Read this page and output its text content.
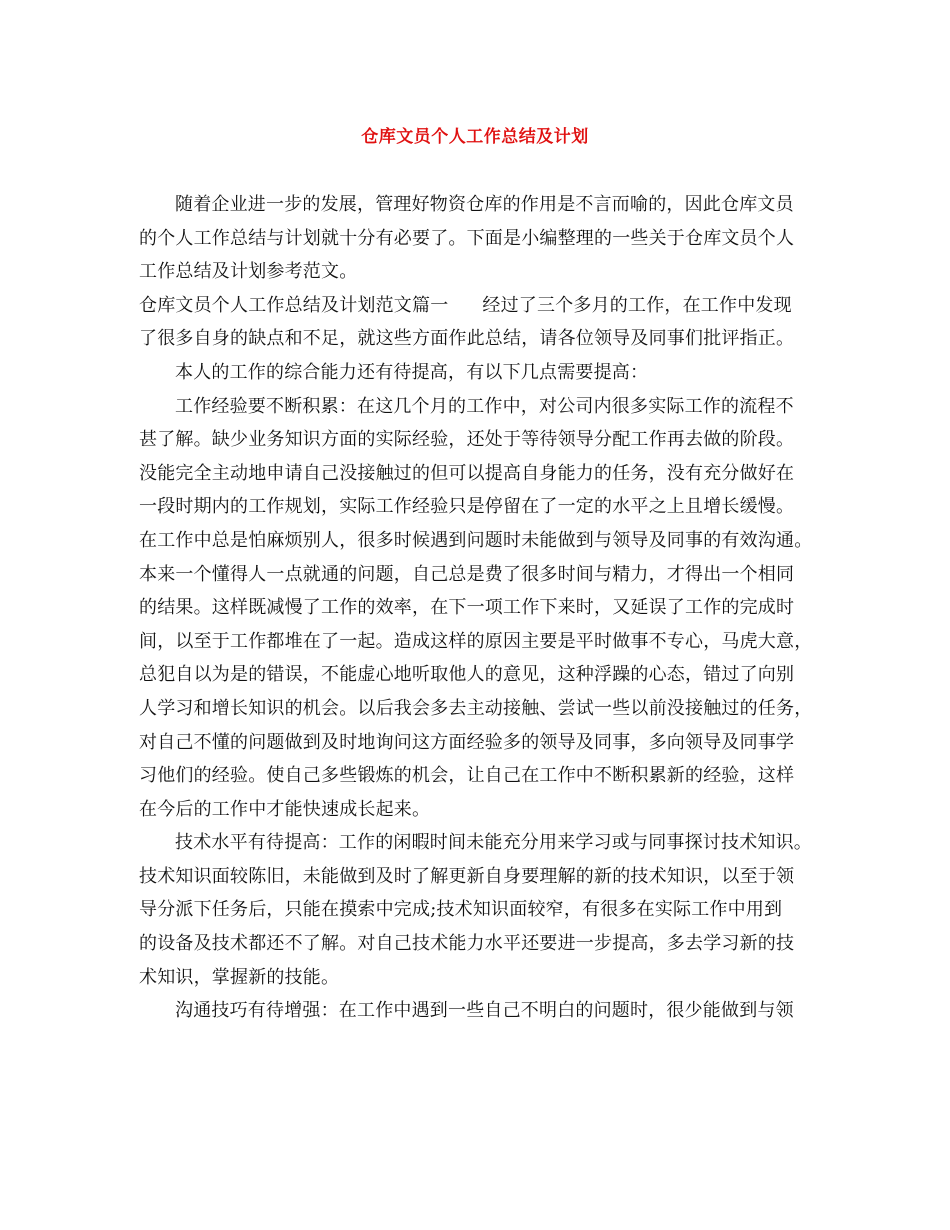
仓库文员个人工作总结及计划
随着企业进一步的发展，管理好物资仓库的作用是不言而喻的，因此仓库文员
的个人工作总结与计划就十分有必要了。下面是小编整理的一些关于仓库文员个人
工作总结及计划参考范文。
仓库文员个人工作总结及计划范文篇一 经过了三个多月的工作，在工作中发现
了很多自身的缺点和不足，就这些方面作此总结，请各位领导及同事们批评指正。
本人的工作的综合能力还有待提高，有以下几点需要提高：
工作经验要不断积累：在这几个月的工作中，对公司内很多实际工作的流程不
甚了解。缺少业务知识方面的实际经验，还处于等待领导分配工作再去做的阶段。
没能完全主动地申请自己没接触过的但可以提高自身能力的任务，没有充分做好在
一段时期内的工作规划，实际工作经验只是停留在了一定的水平之上且增长缓慢。
在工作中总是怕麻烦别人，很多时候遇到问题时未能做到与领导及同事的有效沟通。
本来一个懂得人一点就通的问题，自己总是费了很多时间与精力，才得出一个相同
的结果。这样既减慢了工作的效率，在下一项工作下来时，又延误了工作的完成时
间，以至于工作都堆在了一起。造成这样的原因主要是平时做事不专心，马虎大意，
总犯自以为是的错误，不能虚心地听取他人的意见，这种浮躁的心态，错过了向别
人学习和增长知识的机会。以后我会多去主动接触、尝试一些以前没接触过的任务，
对自己不懂的问题做到及时地询问这方面经验多的领导及同事，多向领导及同事学
习他们的经验。使自己多些锻炼的机会，让自己在工作中不断积累新的经验，这样
在今后的工作中才能快速成长起来。
技术水平有待提高：工作的闲暇时间未能充分用来学习或与同事探讨技术知识。
技术知识面较陈旧，未能做到及时了解更新自身要理解的新的技术知识，以至于领
导分派下任务后，只能在摸索中完成;技术知识面较窄，有很多在实际工作中用到
的设备及技术都还不了解。对自己技术能力水平还要进一步提高，多去学习新的技
术知识，掌握新的技能。
沟通技巧有待增强：在工作中遇到一些自己不明白的问题时，很少能做到与领
